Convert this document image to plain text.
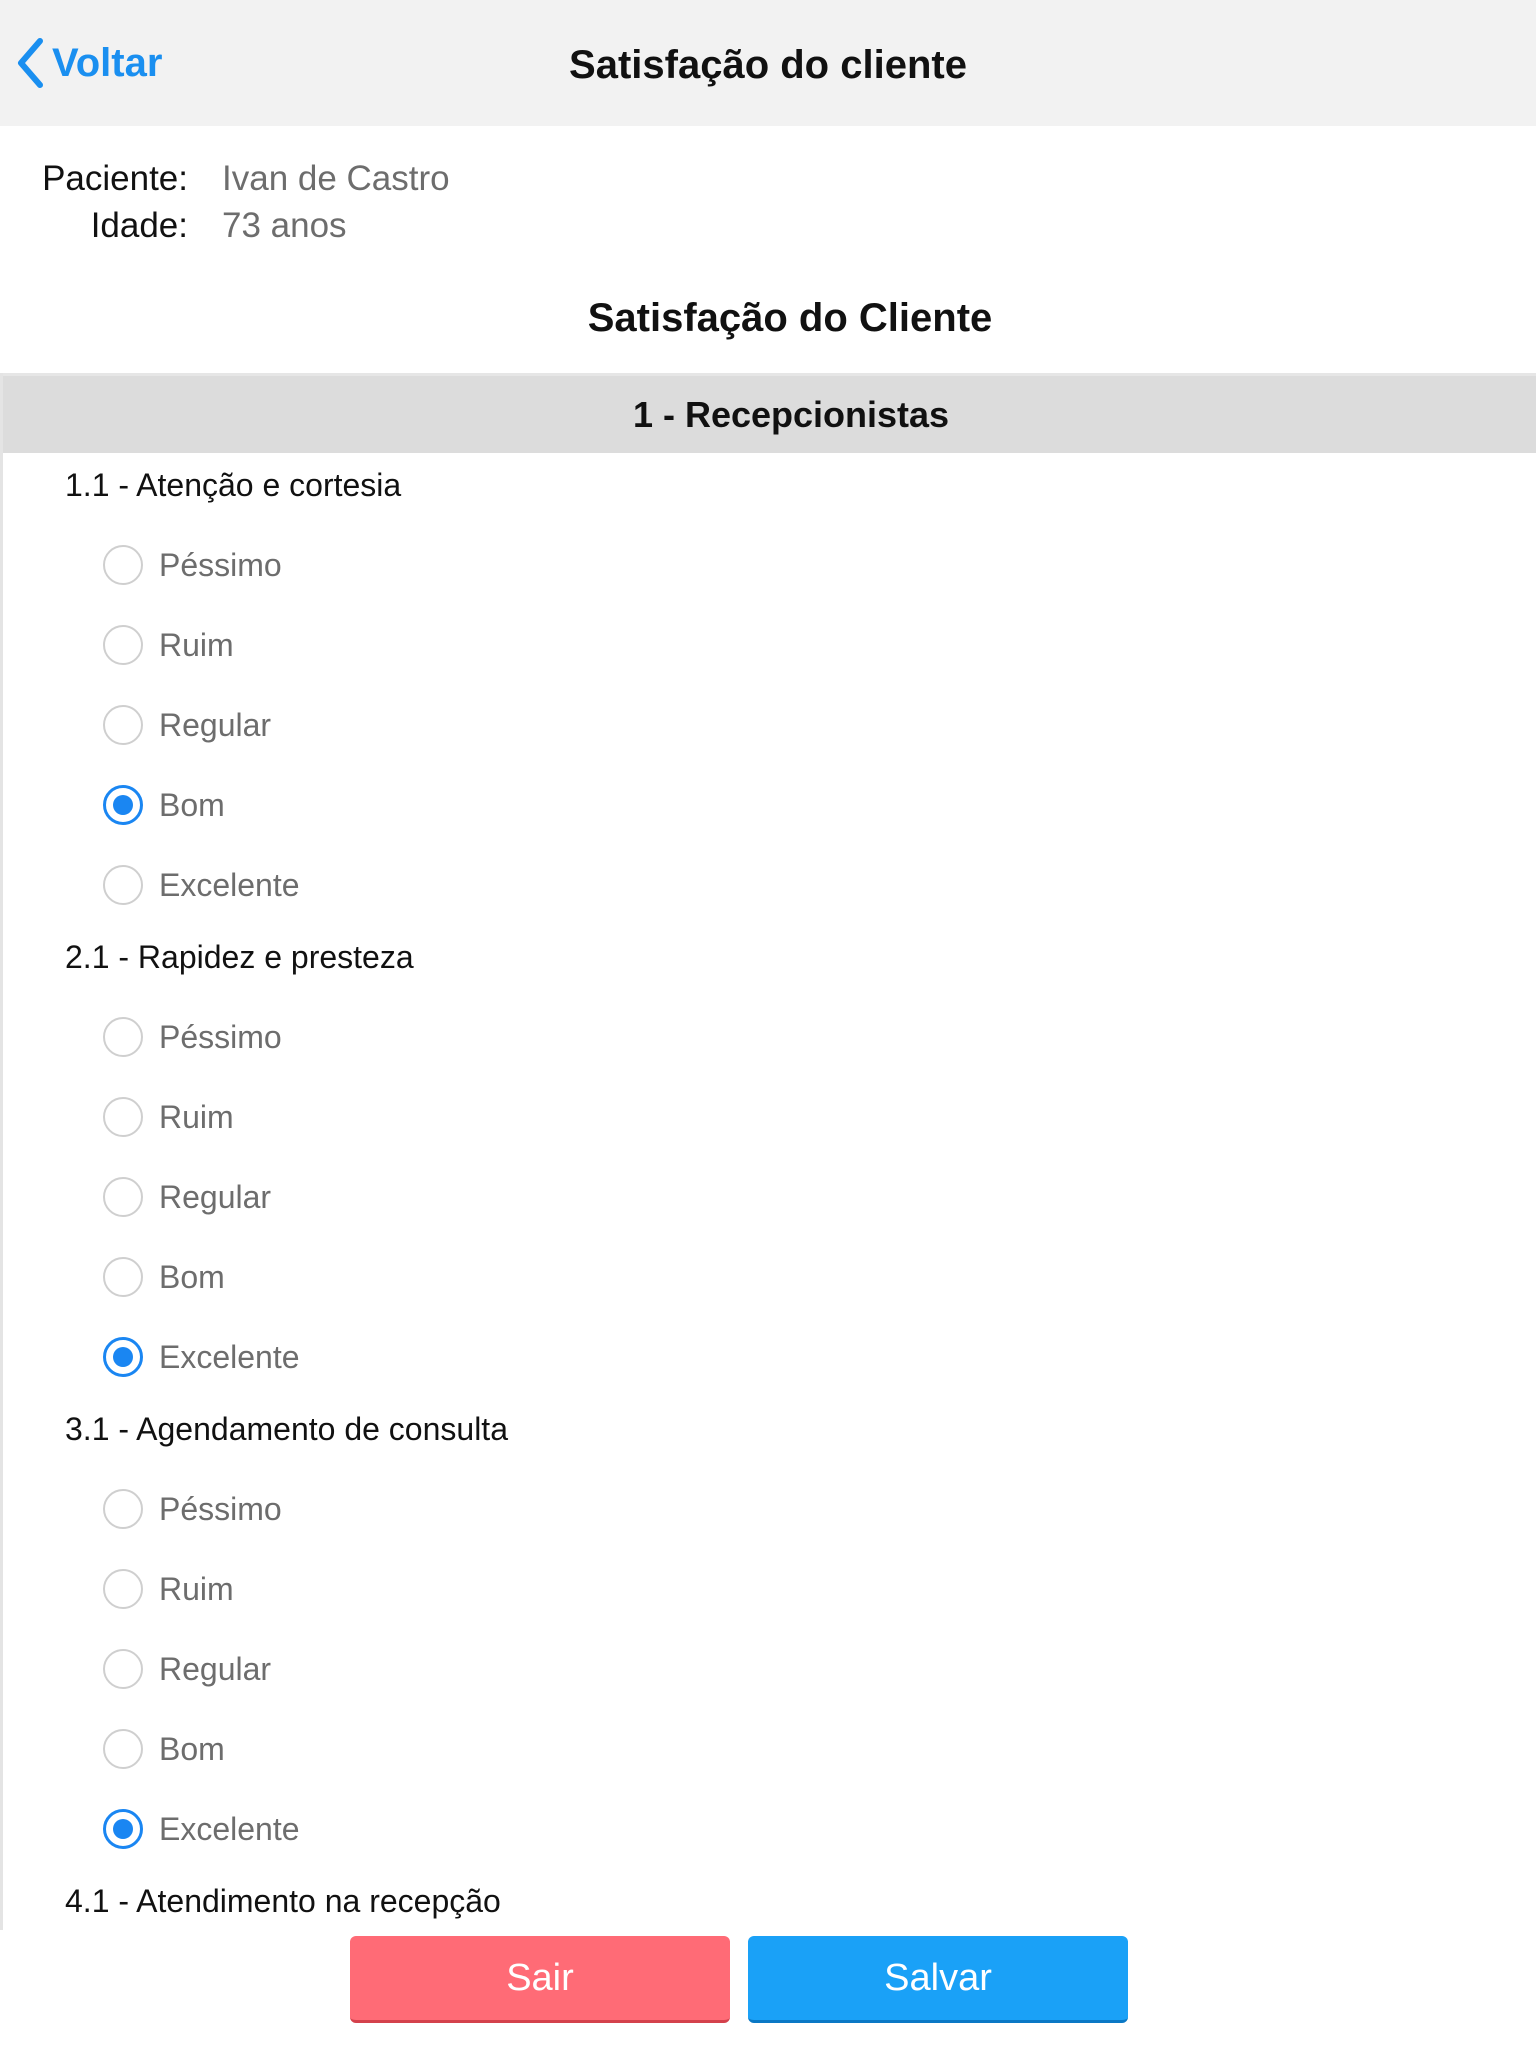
Voltar	Satisfação do cliente
Paciente: Ivan de Castro
Idade: 73 anos
Satisfação do Cliente
1 - Recepcionistas
1.1 - Atenção e cortesia
Péssimo
Ruim
Regular
Bom
Excelente
2.1 - Rapidez e presteza
Péssimo
Ruim
Regular
Bom
Excelente
3.1 - Agendamento de consulta
Péssimo
Ruim
Regular
Bom
Excelente
4.1 - Atendimento na recepção
Sair	Salvar
